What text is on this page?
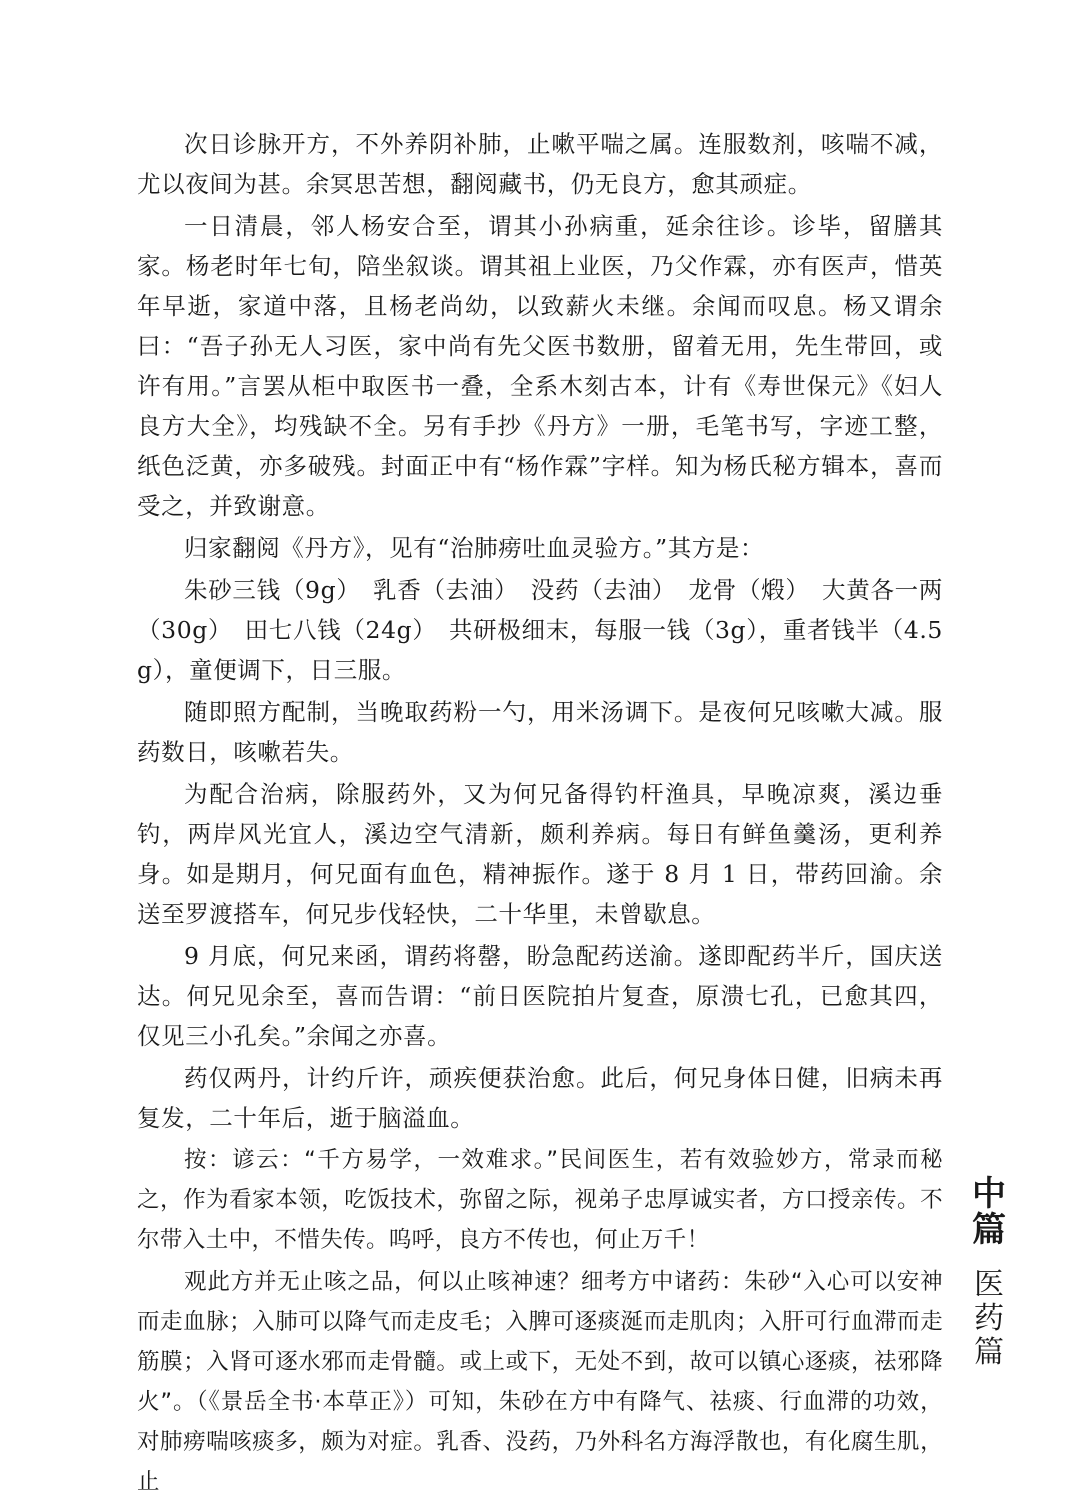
次日诊脉开方，不外养阴补肺，止嗽平喘之属。连服数剂，咳喘不减，尤以夜间为甚。余冥思苦想，翻阅藏书，仍无良方，愈其顽症。

一日清晨，邻人杨安合至，谓其小孙病重，延余往诊。诊毕，留膳其家。杨老时年七旬，陪坐叙谈。谓其祖上业医，乃父作霖，亦有医声，惜英年早逝，家道中落，且杨老尚幼，以致薪火未继。余闻而叹息。杨又谓余曰：“吾子孙无人习医，家中尚有先父医书数册，留着无用，先生带回，或许有用。”言罢从柜中取医书一叠，全系木刻古本，计有《寿世保元》《妇人良方大全》，均残缺不全。另有手抄《丹方》一册，毛笔书写，字迹工整，纸色泛黄，亦多破残。封面正中有“杨作霖”字样。知为杨氏秘方辑本，喜而受之，并致谢意。

归家翻阅《丹方》，见有“治肺痨吐血灵验方。”其方是：

朱砂三钱（9g）　乳香（去油）　没药（去油）　龙骨（煅）　大黄各一两（30g）　田七八钱（24g）　共研极细末，每服一钱（3g），重者钱半（4.5g），童便调下，日三服。

随即照方配制，当晚取药粉一勺，用米汤调下。是夜何兄咳嗽大减。服药数日，咳嗽若失。

为配合治病，除服药外，又为何兄备得钓杆渔具，早晚凉爽，溪边垂钓，两岸风光宜人，溪边空气清新，颇利养病。每日有鲜鱼羹汤，更利养身。如是期月，何兄面有血色，精神振作。遂于 8 月 1 日，带药回渝。余送至罗渡搭车，何兄步伐轻快，二十华里，未曾歇息。

9 月底，何兄来函，谓药将罄，盼急配药送渝。遂即配药半斤，国庆送达。何兄见余至，喜而告谓：“前日医院拍片复查，原溃七孔，已愈其四，仅见三小孔矣。”余闻之亦喜。

药仅两丹，计约斤许，顽疾便获治愈。此后，何兄身体日健，旧病未再复发，二十年后，逝于脑溢血。

按：谚云：“千方易学，一效难求。”民间医生，若有效验妙方，常录而秘之，作为看家本领，吃饭技术，弥留之际，视弟子忠厚诚实者，方口授亲传。不尔带入土中，不惜失传。呜呼，良方不传也，何止万千！

观此方并无止咳之品，何以止咳神速？细考方中诸药：朱砂“入心可以安神而走血脉；入肺可以降气而走皮毛；入脾可逐痰涎而走肌肉；入肝可行血滞而走筋膜；入肾可逐水邪而走骨髓。或上或下，无处不到，故可以镇心逐痰，祛邪降火”。（《景岳全书·本草正》）可知，朱砂在方中有降气、祛痰、行血滞的功效，对肺痨喘咳痰多，颇为对症。乳香、没药，乃外科名方海浮散也，有化腐生肌，止

中
篇
医
药
篇
